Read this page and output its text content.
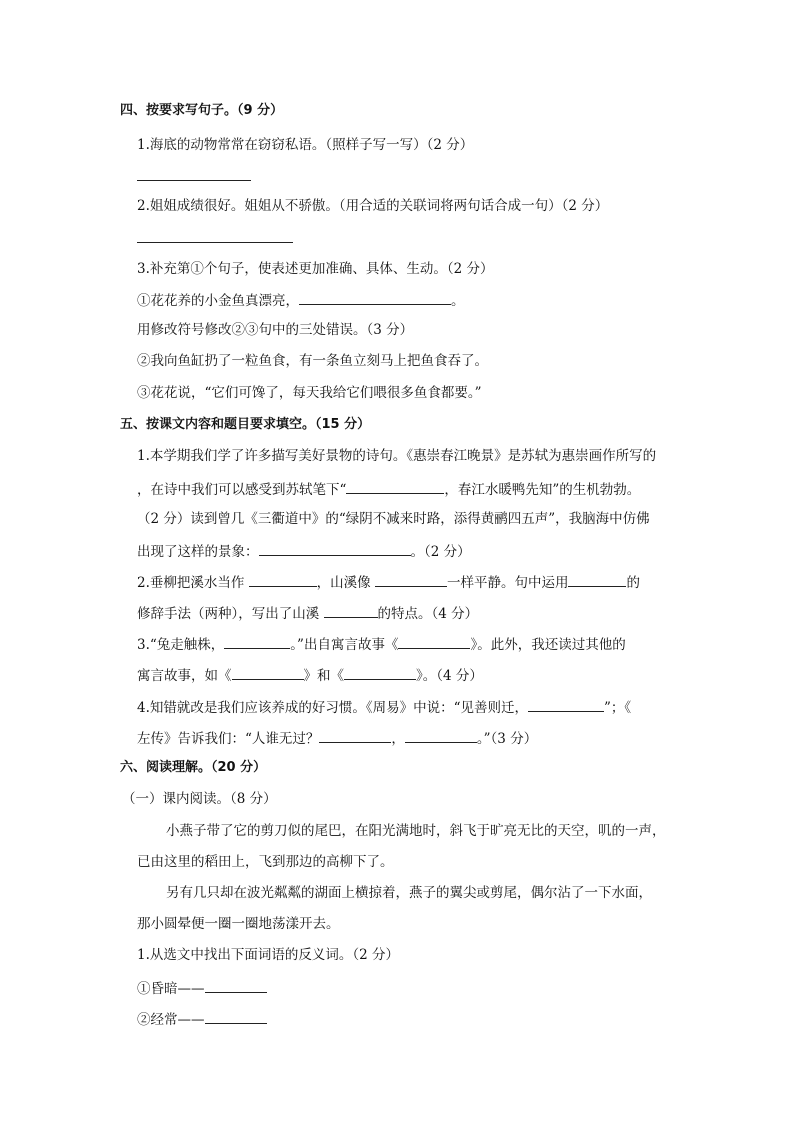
四、按要求写句子。（9 分）
1.海底的动物常常在窃窃私语。（照样子写一写）（2 分）
2.姐姐成绩很好。姐姐从不骄傲。（用合适的关联词将两句话合成一句）（2 分）
3.补充第①个句子，使表述更加准确、具体、生动。（2 分）
①花花养的小金鱼真漂亮，	。
用修改符号修改②③句中的三处错误。（3 分）
②我向鱼缸扔了一粒鱼食，有一条鱼立刻马上把鱼食吞了。
③花花说，“它们可馋了，每天我给它们喂很多鱼食都要。”
五、按课文内容和题目要求填空。（15 分）
1.本学期我们学了许多描写美好景物的诗句。《惠崇春江晚景》是苏轼为惠崇画作所写的
，在诗中我们可以感受到苏轼笔下“	，春江水暖鸭先知”的生机勃勃。
（2 分）读到曾几《三衢道中》的“绿阴不减来时路，添得黄鹂四五声”，我脑海中仿佛
出现了这样的景象：	。（2 分）
2.垂柳把溪水当作	，山溪像	一样平静。句中运用	的
修辞手法（两种），写出了山溪	的特点。（4 分）
3.“兔走触株，	。”出自寓言故事《	》。此外，我还读过其他的
寓言故事，如《	》和《	》。（4 分）
4.知错就改是我们应该养成的好习惯。《周易》中说：“见善则迁，	”；《
左传》告诉我们：“人谁无过？	，	。”（3 分）
六、阅读理解。（20 分）
（一）课内阅读。（8 分）
小燕子带了它的剪刀似的尾巴，在阳光满地时，斜飞于旷亮无比的天空，叽的一声，
已由这里的稻田上，飞到那边的高柳下了。
另有几只却在波光粼粼的湖面上横掠着，燕子的翼尖或剪尾，偶尔沾了一下水面，
那小圆晕便一圈一圈地荡漾开去。
1.从选文中找出下面词语的反义词。（2 分）
①昏暗——
②经常——
